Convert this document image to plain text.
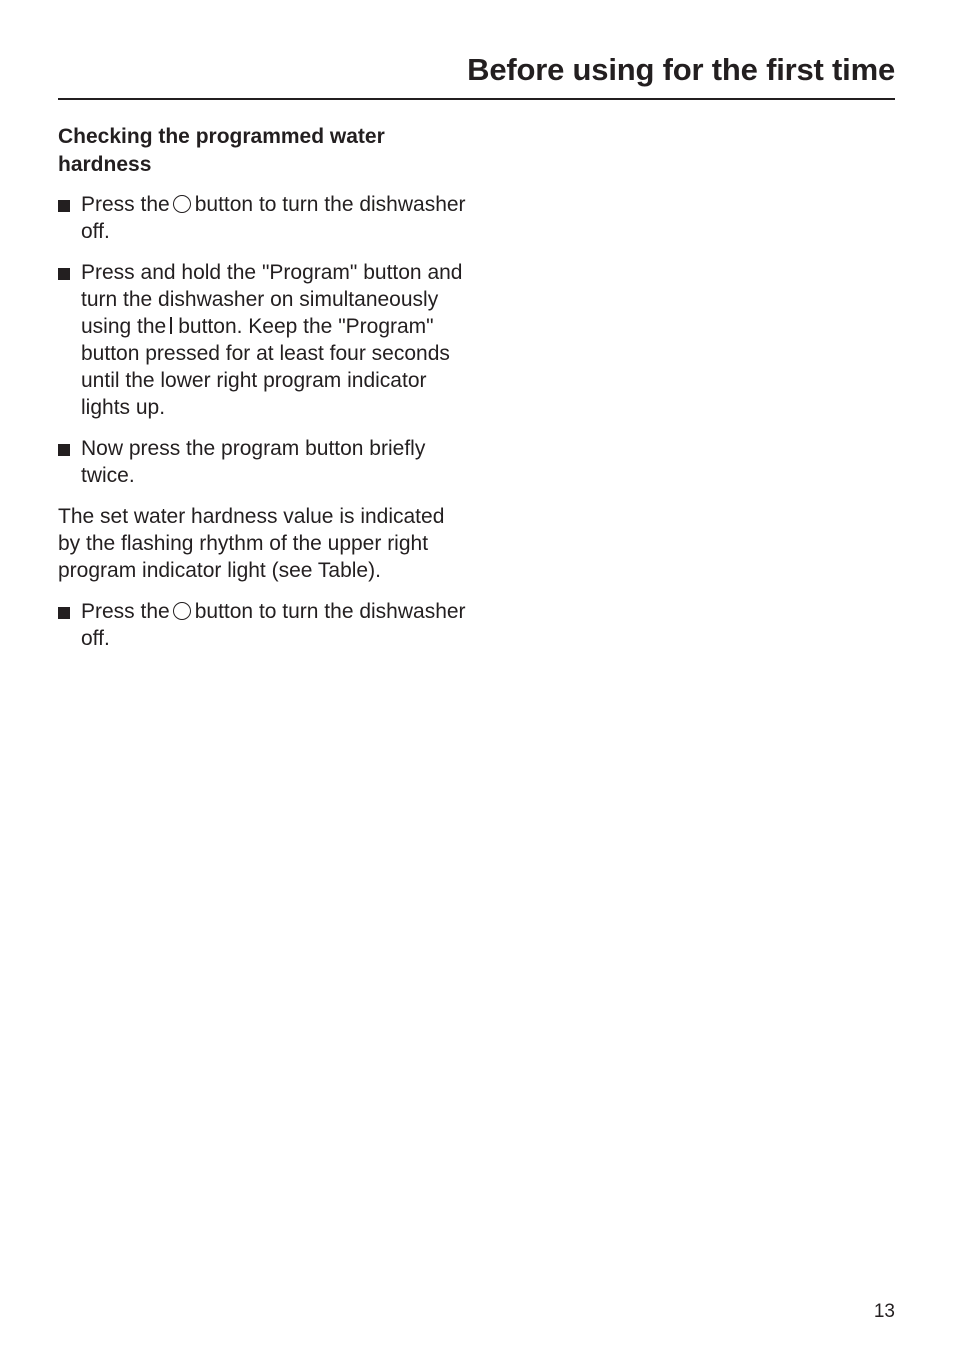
Before using for the first time
Checking the programmed water hardness
Press the button to turn the dishwasher off.
Press and hold the "Program" button and turn the dishwasher on simultaneously using the button. Keep the "Program" button pressed for at least four seconds until the lower right program indicator lights up.
Now press the program button briefly twice.

The set water hardness value is indicated by the flashing rhythm of the upper right program indicator light (see Table).

Press the button to turn the dishwasher off.
13
